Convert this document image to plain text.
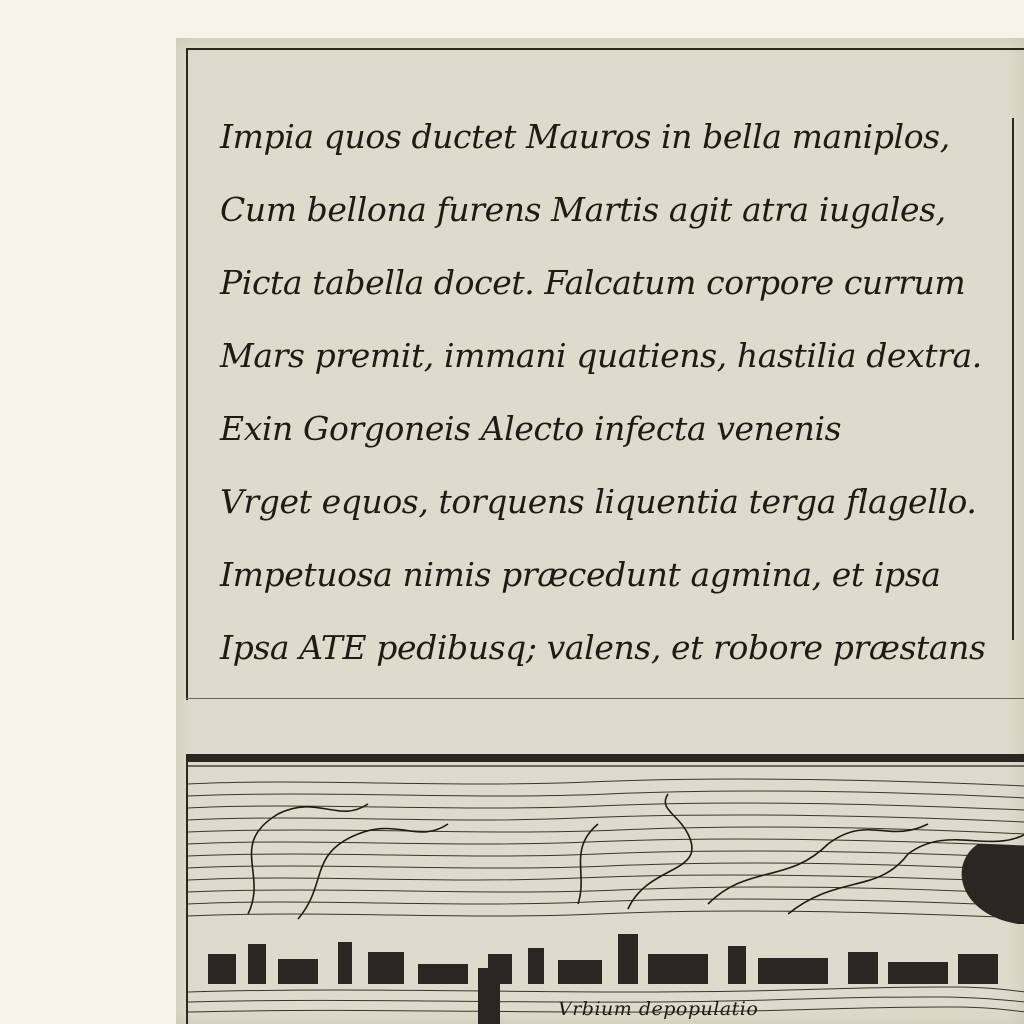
Impia quos ductet Mauros in bella maniplos,
Cum bellona furens Martis agit atra iugales,
Picta tabella docet. Falcatum corpore currum
Mars premit, immani quatiens, hastilia dextra.
Exin Gorgoneis Alecto infecta venenis
Vrget equos, torquens liquentia terga flagello.
Impetuosa nimis præcedunt agmina, et ipsa
Ipsa ATE pedibusq; valens, et robore præstans
Vrbium depopulatio
